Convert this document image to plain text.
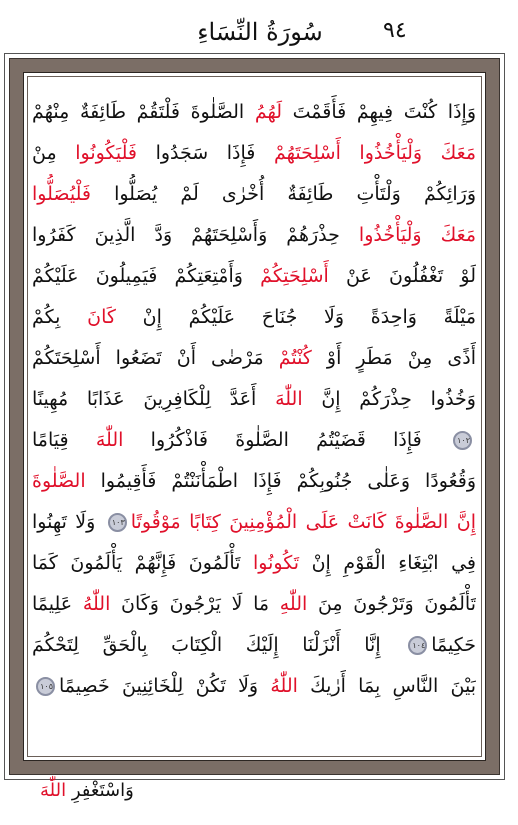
سُورَةُ النِّسَاءِ	٩٤
وَإِذَا كُنْتَ فِيهِمْ فَأَقَمْتَ لَهُمُ الصَّلٰوةَ فَلْتَقُمْ طَائِفَةٌ مِنْهُمْ
مَعَكَ وَلْيَأْخُذُوا أَسْلِحَتَهُمْ فَإِذَا سَجَدُوا فَلْيَكُونُوا مِنْ
وَرَائِكُمْ وَلْتَأْتِ طَائِفَةٌ أُخْرٰى لَمْ يُصَلُّوا فَلْيُصَلُّوا
مَعَكَ وَلْيَأْخُذُوا حِذْرَهُمْ وَأَسْلِحَتَهُمْ وَدَّ الَّذِينَ كَفَرُوا
لَوْ تَغْفُلُونَ عَنْ أَسْلِحَتِكُمْ وَأَمْتِعَتِكُمْ فَيَمِيلُونَ عَلَيْكُمْ
مَيْلَةً وَاحِدَةً وَلَا جُنَاحَ عَلَيْكُمْ إِنْ كَانَ بِكُمْ
أَذًى مِنْ مَطَرٍ أَوْ كُنْتُمْ مَرْضٰى أَنْ تَضَعُوا أَسْلِحَتَكُمْ
وَخُذُوا حِذْرَكُمْ إِنَّ اللّٰهَ أَعَدَّ لِلْكَافِرِينَ عَذَابًا مُهِينًا
١٠٢ فَإِذَا قَضَيْتُمُ الصَّلٰوةَ فَاذْكُرُوا اللّٰهَ قِيَامًا
وَقُعُودًا وَعَلٰى جُنُوبِكُمْ فَإِذَا اطْمَأْنَنْتُمْ فَأَقِيمُوا الصَّلٰوةَ
إِنَّ الصَّلٰوةَ كَانَتْ عَلَى الْمُؤْمِنِينَ كِتَابًا مَوْقُوتًا١٠٣ وَلَا تَهِنُوا
فِي ابْتِغَاءِ الْقَوْمِ إِنْ تَكُونُوا تَأْلَمُونَ فَإِنَّهُمْ يَأْلَمُونَ كَمَا
تَأْلَمُونَ وَتَرْجُونَ مِنَ اللّٰهِ مَا لَا يَرْجُونَ وَكَانَ اللّٰهُ عَلِيمًا
حَكِيمًا١٠٤ إِنَّا أَنْزَلْنَا إِلَيْكَ الْكِتَابَ بِالْحَقِّ لِتَحْكُمَ
بَيْنَ النَّاسِ بِمَا أَرٰيكَ اللّٰهُ وَلَا تَكُنْ لِلْخَائِنِينَ خَصِيمًا١٠٥
وَاسْتَغْفِرِ اللّٰهَ
